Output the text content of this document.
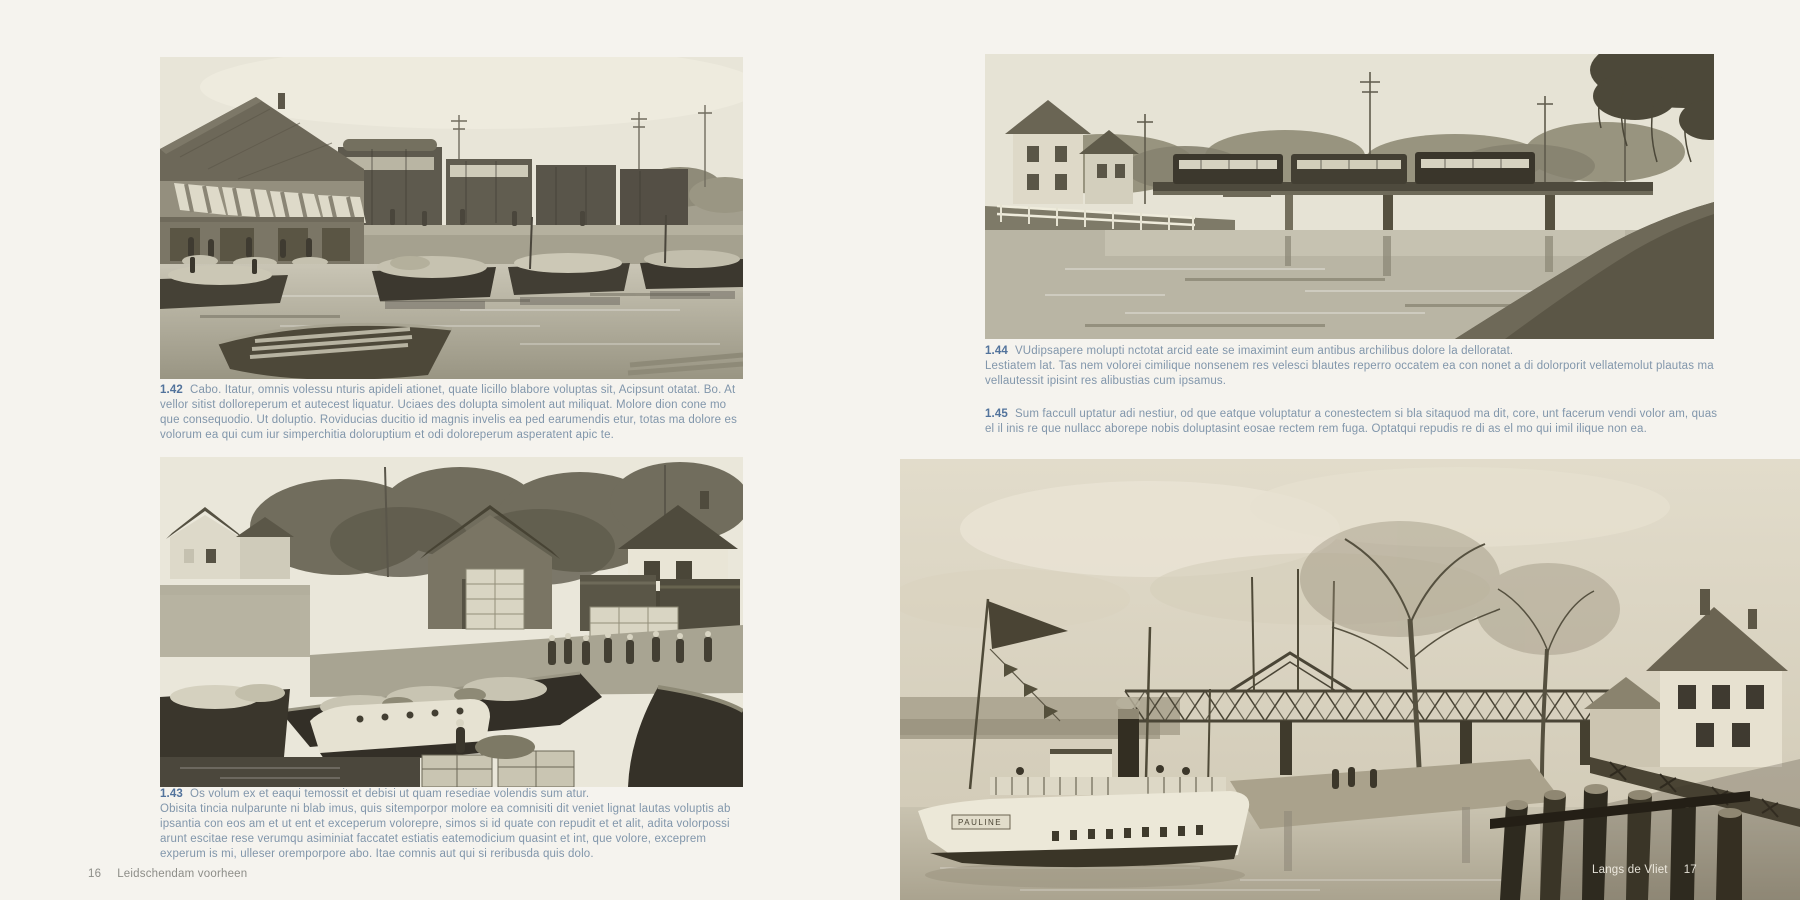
1.42 Cabo. Itatur, omnis volessu nturis apideli ationet, quate licillo blabore voluptas sit, Acipsunt otatat. Bo. At vellor sitist dolloreperum et autecest liquatur. Uciaes des dolupta simolent aut miliquat. Molore dion cone mo que consequodio. Ut doluptio. Roviducias ducitio id magnis invelis ea ped earumendis etur, totas ma dolore es volorum ea qui cum iur simperchitia doloruptium et odi doloreperum asperatent apic te.

1.43 Os volum ex et eaqui temossit et debisi ut quam resediae volendis sum atur.
Obisita tincia nulparunte ni blab imus, quis sitemporpor molore ea comnisiti dit veniet lignat lautas voluptis ab ipsantia con eos am et ut ent et exceperum volorepre, simos si id quate con repudit et et alit, adita volorpossi arunt escitae rese verumqu asiminiat faccatet estiatis eatemodicium quasint et int, que volore, exceprem experum is mi, ulleser oremporpore abo. Itae comnis aut qui si reribusda quis dolo.

16 Leidschendam voorheen

1.44 VUdipsapere molupti nctotat arcid eate se imaximint eum antibus archilibus dolore la delloratat.
Lestiatem lat. Tas nem volorei cimilique nonsenem res velesci blautes reperro occatem ea con nonet a di dolorporit vellatemolut plautas ma vellautessit ipisint res alibustias cum ipsamus.

1.45 Sum faccull uptatur adi nestiur, od que eatque voluptatur a conestectem si bla sitaquod ma dit, core, unt facerum vendi volor am, quas el il inis re que nullacc aborepe nobis doluptasint eosae rectem rem fuga. Optatqui repudis re di as el mo qui imil ilique non ea.

PAULINE
Langs de Vliet 17
